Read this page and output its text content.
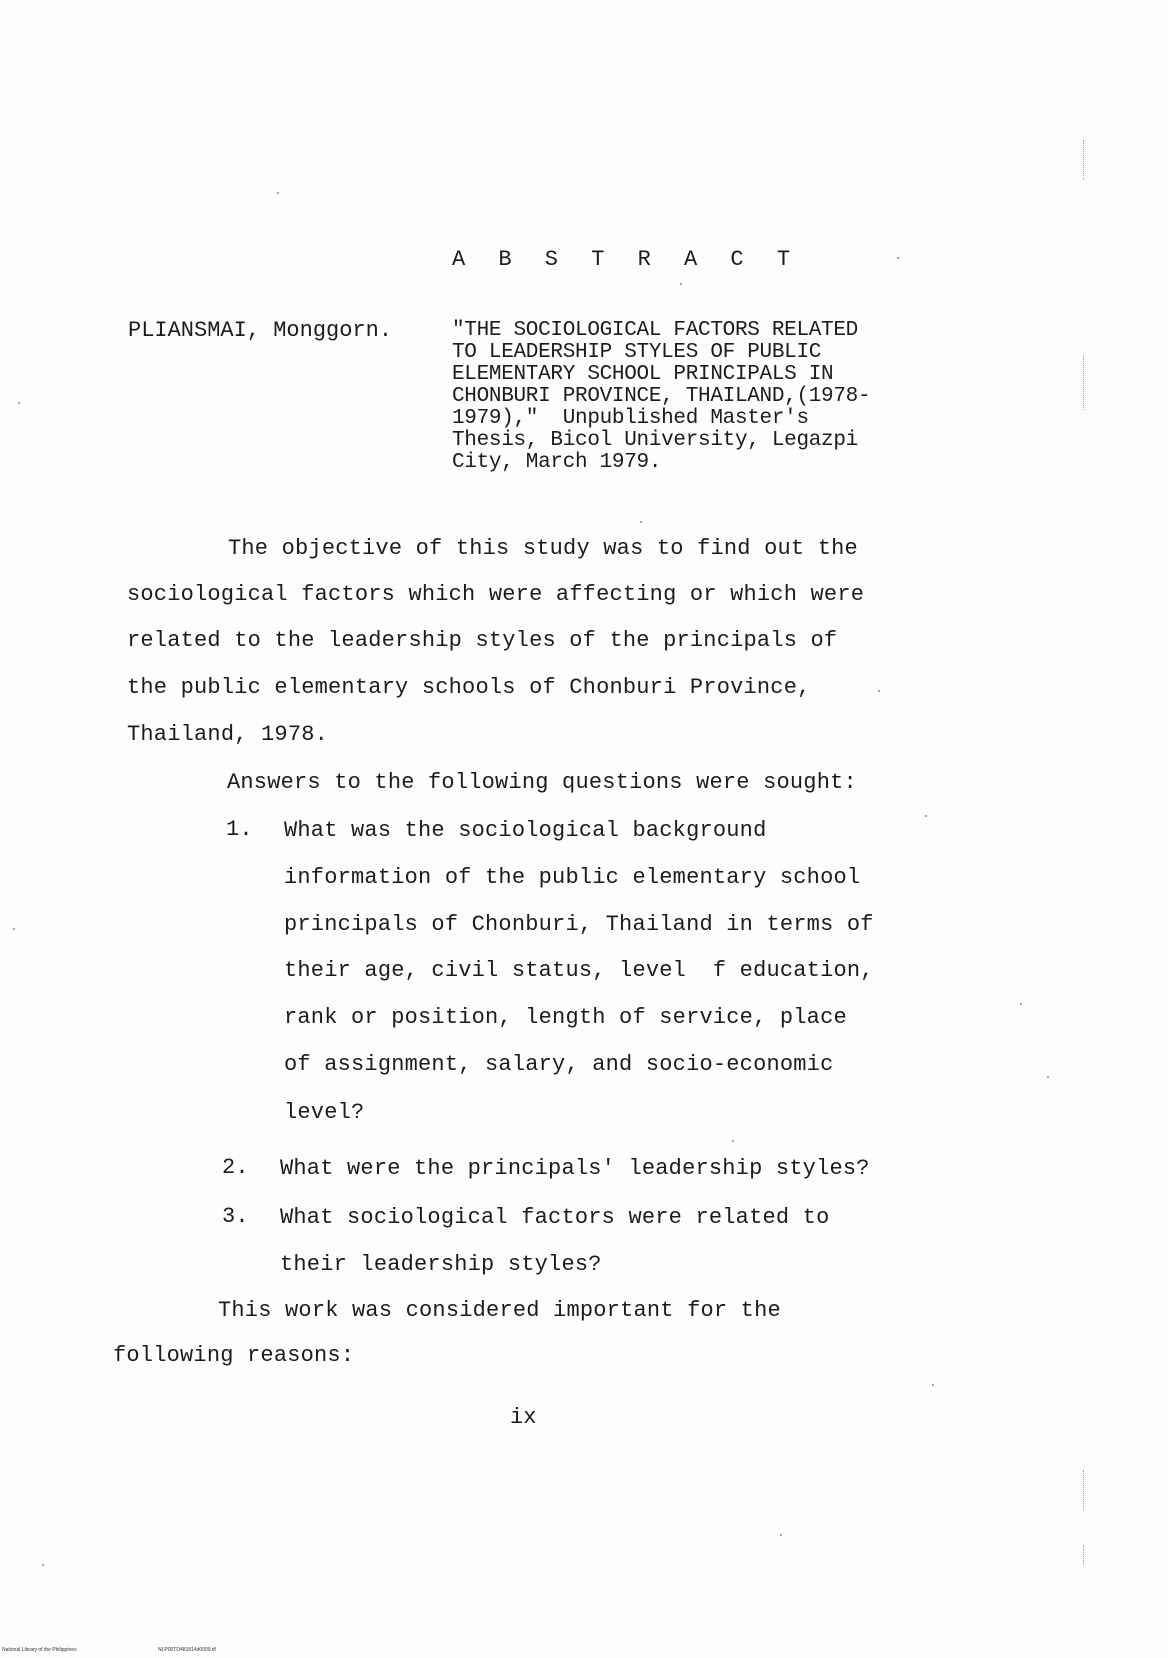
A B S T R A C T
PLIANSMAI, Monggorn.	"THE SOCIOLOGICAL FACTORS RELATED
TO LEADERSHIP STYLES OF PUBLIC
ELEMENTARY SCHOOL PRINCIPALS IN
CHONBURI PROVINCE, THAILAND,(1978-
1979),"  Unpublished Master's
Thesis, Bicol University, Legazpi
City, March 1979.
The objective of this study was to find out the
sociological factors which were affecting or which were
related to the leadership styles of the principals of
the public elementary schools of Chonburi Province,
Thailand, 1978.
Answers to the following questions were sought:
1. What was the sociological background
information of the public elementary school
principals of Chonburi, Thailand in terms of
their age, civil status, level  f education,
rank or position, length of service, place
of assignment, salary, and socio-economic
level?
2. What were the principals' leadership styles?
3. What sociological factors were related to
their leadership styles?
This work was considered important for the
following reasons:
ix
National Library of the Philippines	NLP00TD481814d0009.tif
